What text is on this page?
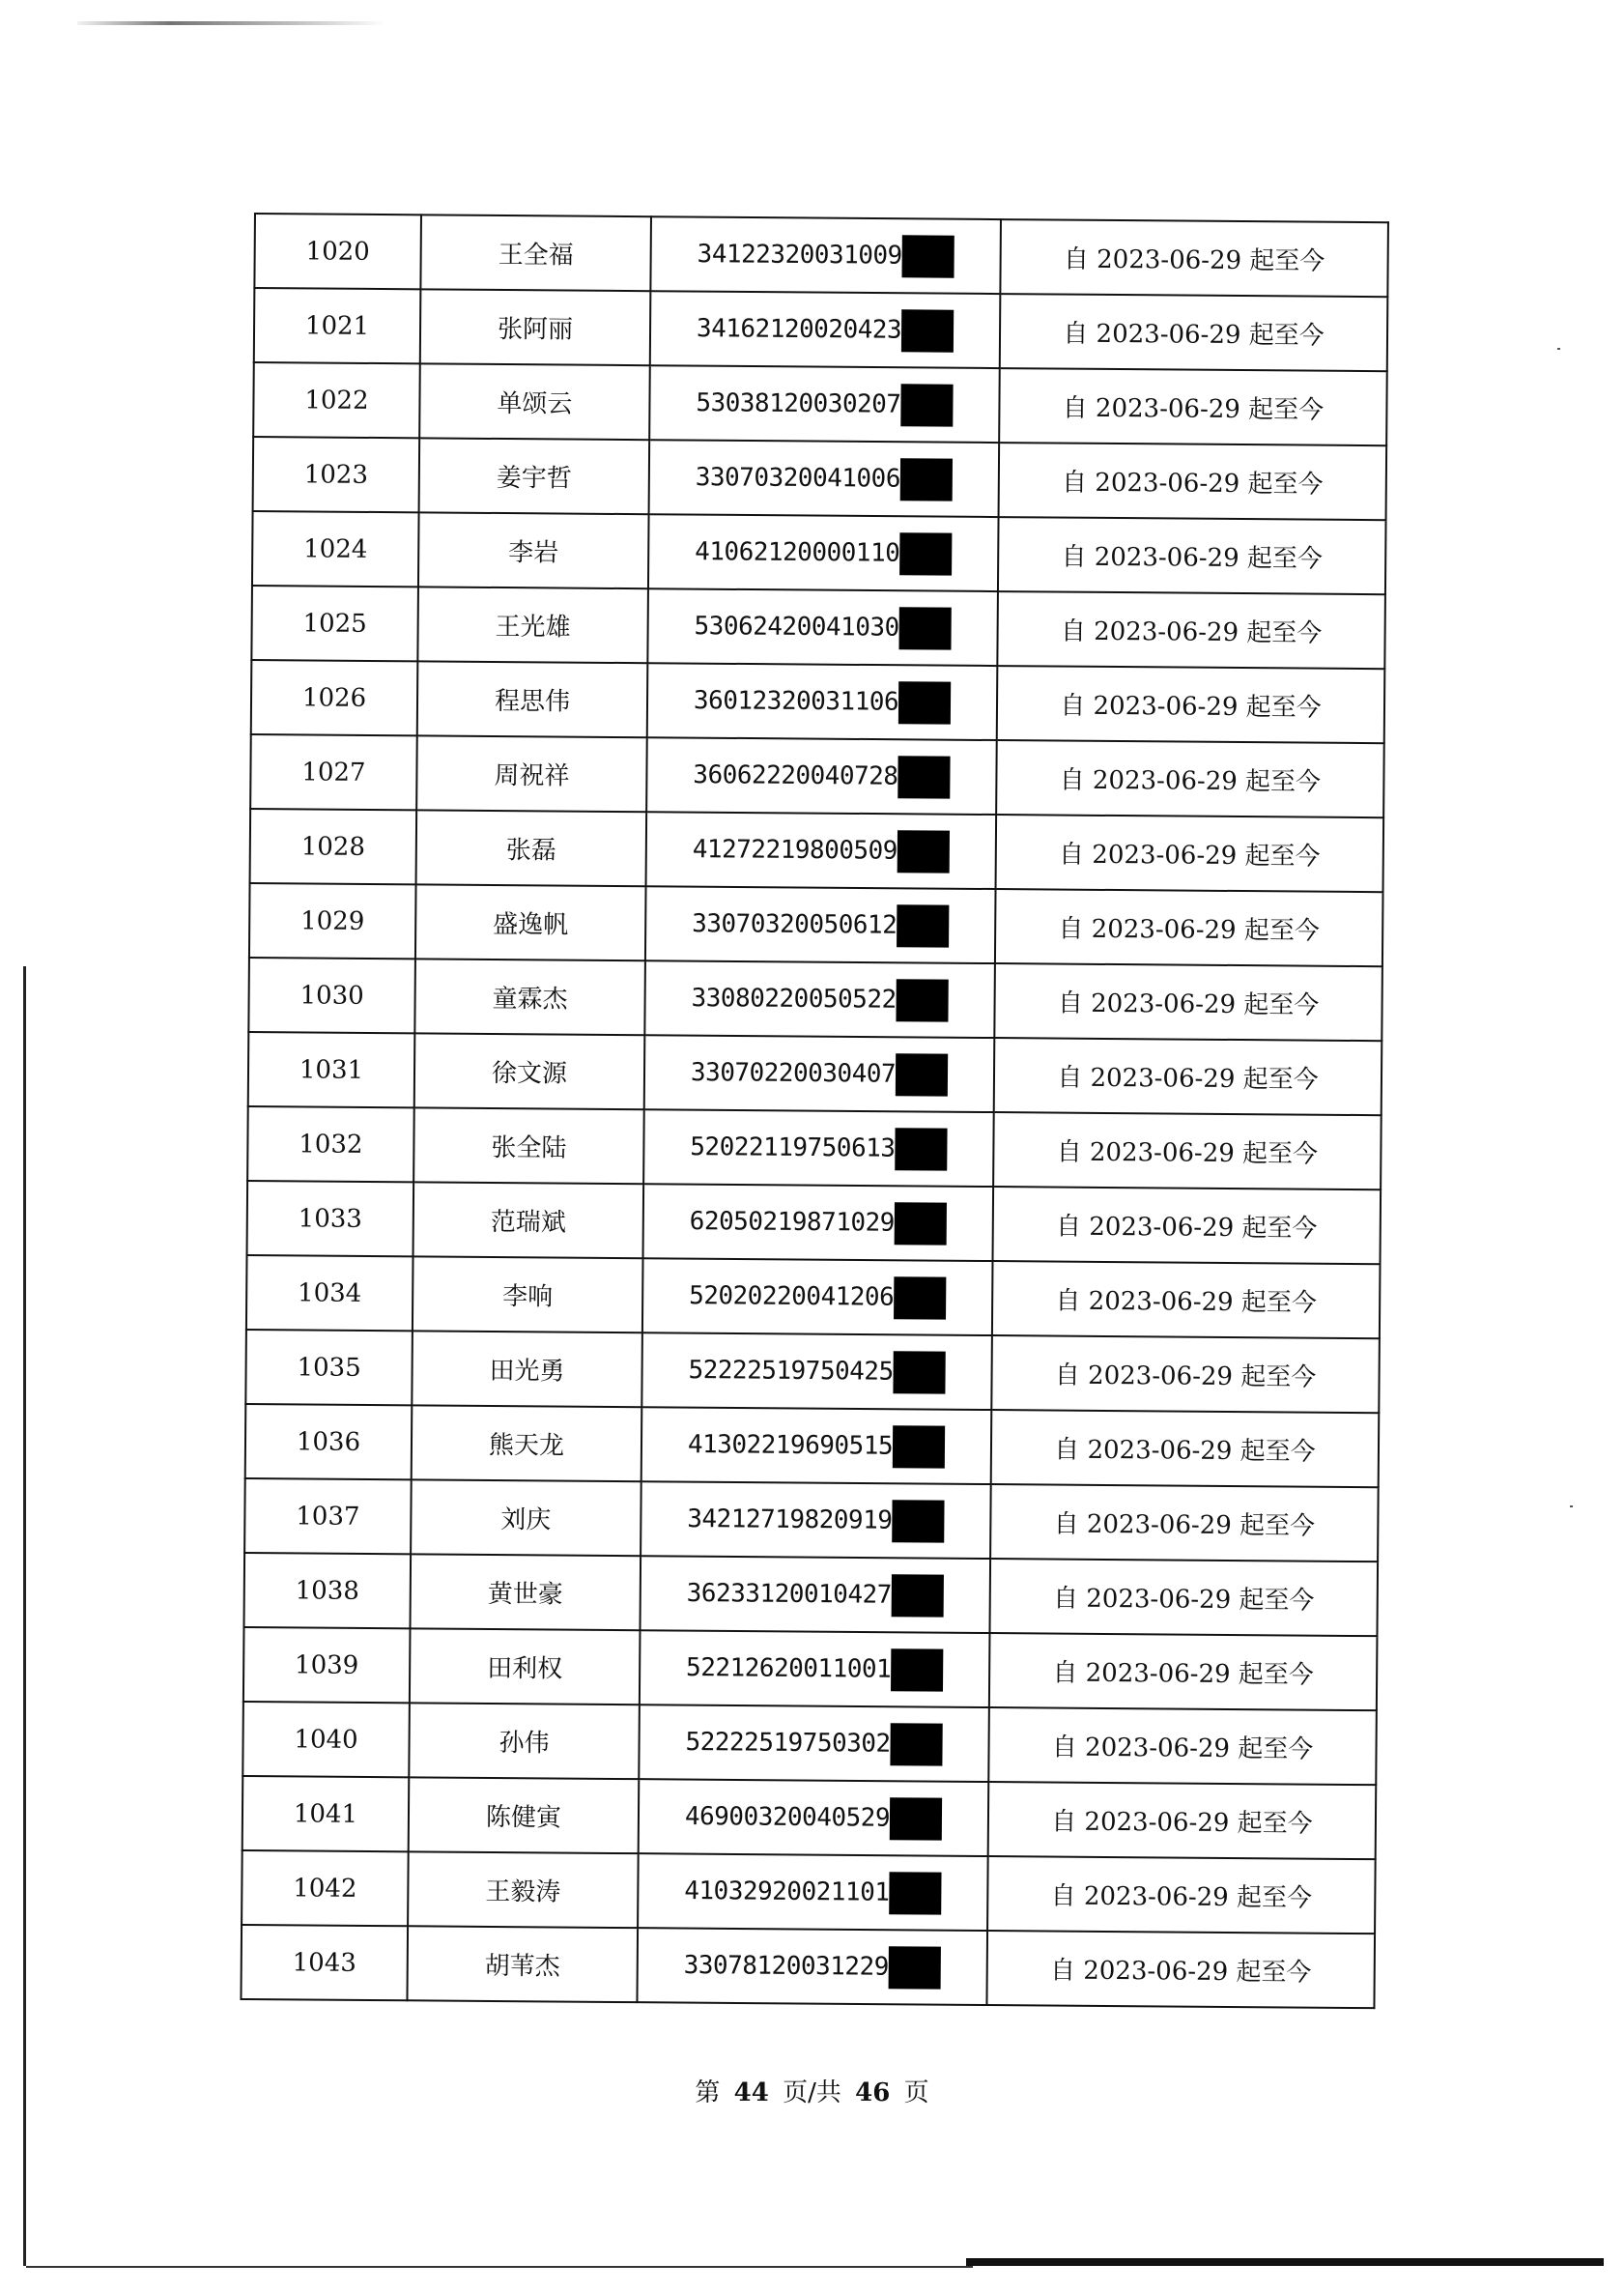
1020	王全福	34122320031009	自 2023-06-29 起至今
1021	张阿丽	34162120020423	自 2023-06-29 起至今
1022	单颂云	53038120030207	自 2023-06-29 起至今
1023	姜宇哲	33070320041006	自 2023-06-29 起至今
1024	李岩	41062120000110	自 2023-06-29 起至今
1025	王光雄	53062420041030	自 2023-06-29 起至今
1026	程思伟	36012320031106	自 2023-06-29 起至今
1027	周祝祥	36062220040728	自 2023-06-29 起至今
1028	张磊	41272219800509	自 2023-06-29 起至今
1029	盛逸帆	33070320050612	自 2023-06-29 起至今
1030	童霖杰	33080220050522	自 2023-06-29 起至今
1031	徐文源	33070220030407	自 2023-06-29 起至今
1032	张全陆	52022119750613	自 2023-06-29 起至今
1033	范瑞斌	62050219871029	自 2023-06-29 起至今
1034	李响	52020220041206	自 2023-06-29 起至今
1035	田光勇	52222519750425	自 2023-06-29 起至今
1036	熊天龙	41302219690515	自 2023-06-29 起至今
1037	刘庆	34212719820919	自 2023-06-29 起至今
1038	黄世豪	36233120010427	自 2023-06-29 起至今
1039	田利权	52212620011001	自 2023-06-29 起至今
1040	孙伟	52222519750302	自 2023-06-29 起至今
1041	陈健寅	46900320040529	自 2023-06-29 起至今
1042	王毅涛	41032920021101	自 2023-06-29 起至今
1043	胡苇杰	33078120031229	自 2023-06-29 起至今
第 44 页/共 46 页
